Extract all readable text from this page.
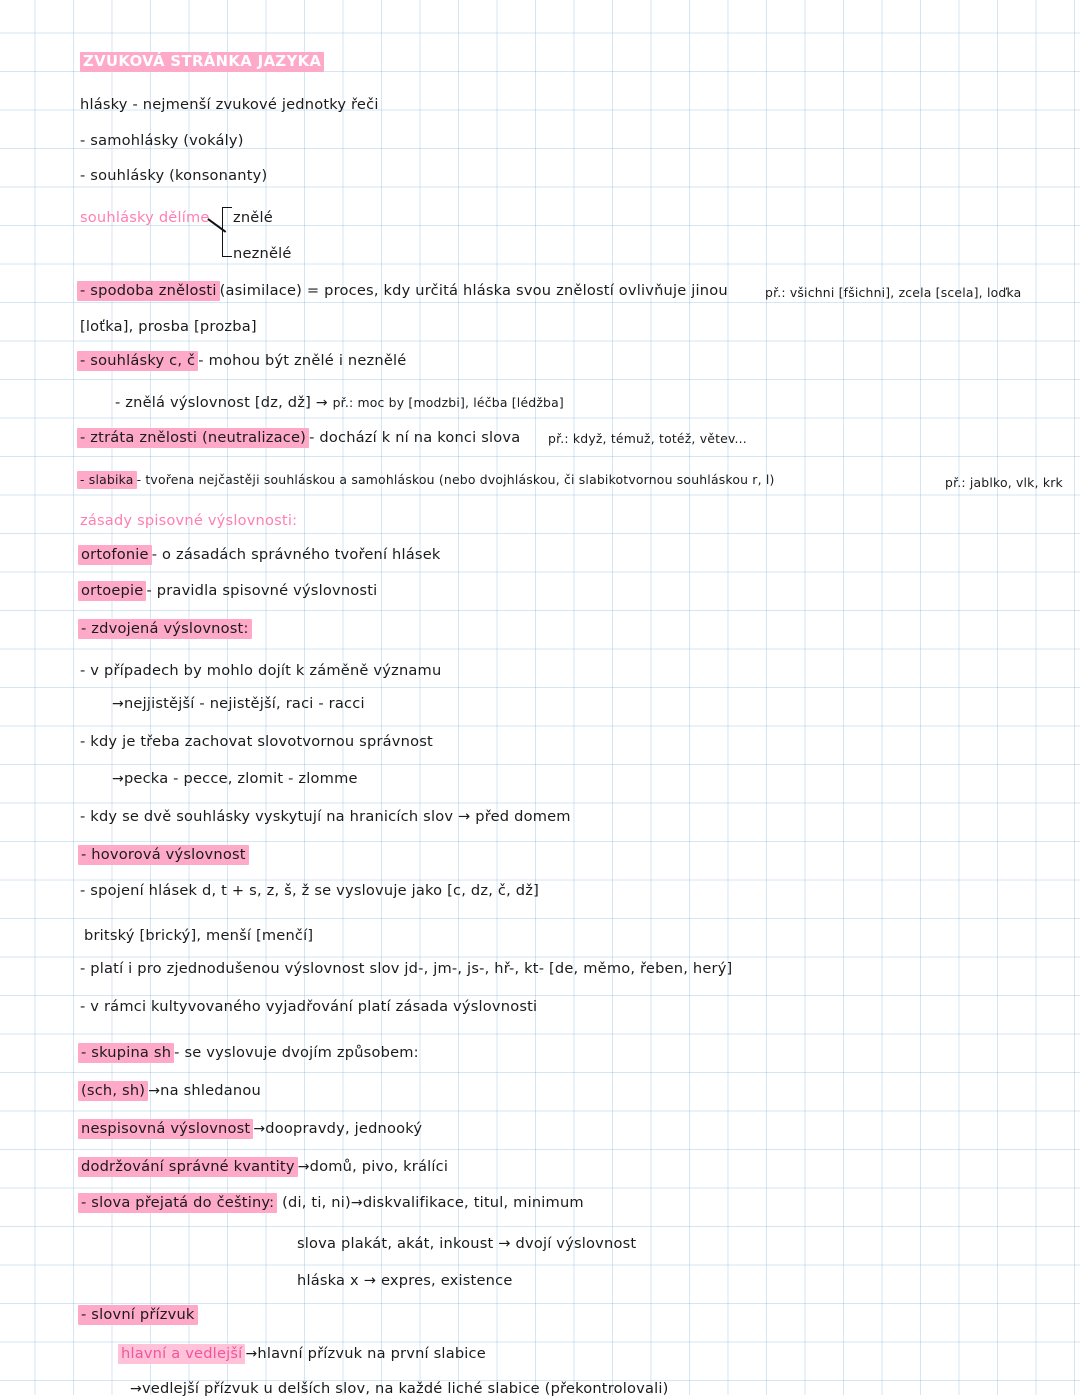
ZVUKOVÁ STRÁNKA JAZYKA
hlásky - nejmenší zvukové jednotky řeči
- samohlásky (vokály)
- souhlásky (konsonanty)
souhlásky dělíme znělé
neznělé
- spodoba znělosti (asimilace) = proces, kdy určitá hláska svou znělostí ovlivňuje jinou	př.: všichni [fšichni], zcela [scela], loďka
[loťka], prosba [prozba]
- souhlásky c, č - mohou být znělé i neznělé
- znělá výslovnost [dz, dž] → př.: moc by [modzbi], léčba [lédžba]
- ztráta znělosti (neutralizace) - dochází k ní na konci slova př.: když, témuž, totéž, větev...
- slabika - tvořena nejčastěji souhláskou a samohláskou (nebo dvojhláskou, či slabikotvornou souhláskou r, l)	př.: jablko, vlk, krk
zásady spisovné výslovnosti:
ortofonie - o zásadách správného tvoření hlásek
ortoepie - pravidla spisovné výslovnosti
- zdvojená výslovnost:
- v případech by mohlo dojít k záměně významu
→nejjistější - nejistější, raci - racci
- kdy je třeba zachovat slovotvornou správnost
→pecka - pecce, zlomit - zlomme
- kdy se dvě souhlásky vyskytují na hranicích slov → před domem
- hovorová výslovnost
- spojení hlásek d, t + s, z, š, ž se vyslovuje jako [c, dz, č, dž]
britský [brický], menší [menčí]
- platí i pro zjednodušenou výslovnost slov jd-, jm-, js-, hř-, kt- [de, měmo, řeben, herý]
- v rámci kultyvovaného vyjadřování platí zásada výslovnosti
- skupina sh - se vyslovuje dvojím způsobem:
(sch, sh) →na shledanou
nespisovná výslovnost →doopravdy, jednooký
dodržování správné kvantity →domů, pivo, králíci
- slova přejatá do češtiny: (di, ti, ni)→diskvalifikace, titul, minimum
slova plakát, akát, inkoust → dvojí výslovnost
hláska x → expres, existence
- slovní přízvuk
hlavní a vedlejší →hlavní přízvuk na první slabice
→vedlejší přízvuk u delších slov, na každé liché slabice (překontrolovali)
